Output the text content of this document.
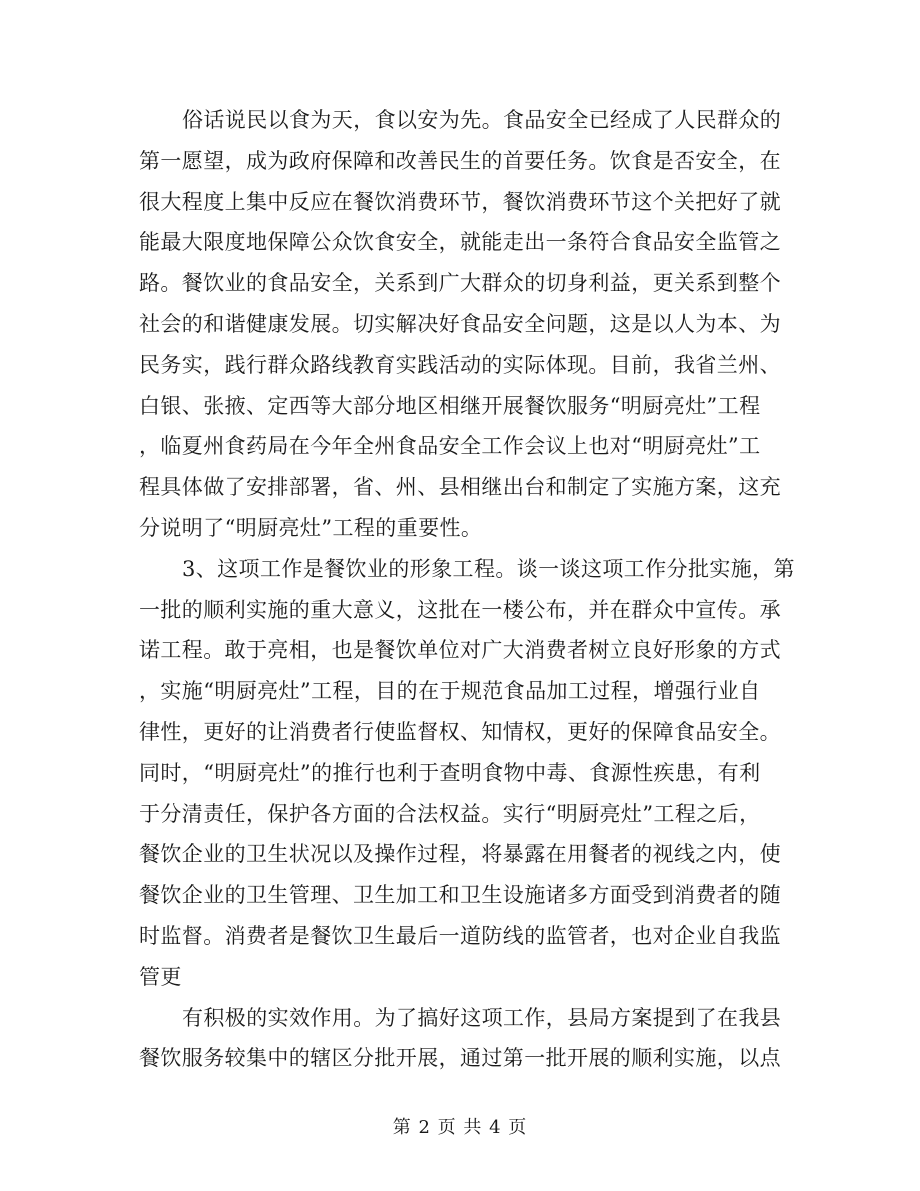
俗话说民以食为天，食以安为先。食品安全已经成了人民群众的
第一愿望，成为政府保障和改善民生的首要任务。饮食是否安全，在
很大程度上集中反应在餐饮消费环节，餐饮消费环节这个关把好了就
能最大限度地保障公众饮食安全，就能走出一条符合食品安全监管之
路。餐饮业的食品安全，关系到广大群众的切身利益，更关系到整个
社会的和谐健康发展。切实解决好食品安全问题，这是以人为本、为
民务实，践行群众路线教育实践活动的实际体现。目前，我省兰州、
白银、张掖、定西等大部分地区相继开展餐饮服务“明厨亮灶”工程
，临夏州食药局在今年全州食品安全工作会议上也对“明厨亮灶”工
程具体做了安排部署，省、州、县相继出台和制定了实施方案，这充
分说明了“明厨亮灶”工程的重要性。
3、这项工作是餐饮业的形象工程。谈一谈这项工作分批实施，第
一批的顺利实施的重大意义，这批在一楼公布，并在群众中宣传。承
诺工程。敢于亮相，也是餐饮单位对广大消费者树立良好形象的方式
，实施“明厨亮灶”工程，目的在于规范食品加工过程，增强行业自
律性，更好的让消费者行使监督权、知情权，更好的保障食品安全。
同时，“明厨亮灶”的推行也利于查明食物中毒、食源性疾患，有利
于分清责任，保护各方面的合法权益。实行“明厨亮灶”工程之后，
餐饮企业的卫生状况以及操作过程，将暴露在用餐者的视线之内，使
餐饮企业的卫生管理、卫生加工和卫生设施诸多方面受到消费者的随
时监督。消费者是餐饮卫生最后一道防线的监管者，也对企业自我监
管更
有积极的实效作用。为了搞好这项工作，县局方案提到了在我县
餐饮服务较集中的辖区分批开展，通过第一批开展的顺利实施，以点
第 2 页 共 4 页
